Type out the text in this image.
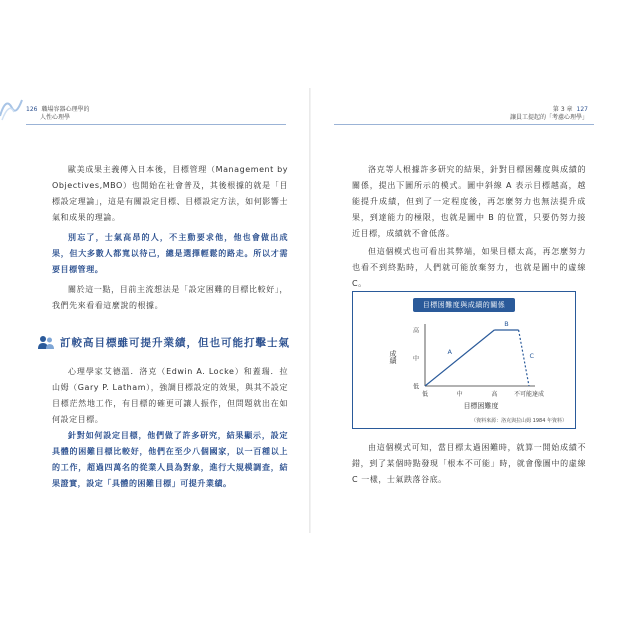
126 職場容器心理學的
人性心理學
第 3 章 127
讓員工提起的「考慮心理學」

歐美成果主義傳入日本後，目標管理（Management by Objectives,MBO）也開始在社會普及，其後根據的就是「目標設定理論」，這是有關設定目標、目標設定方法，如何影響士氣和成果的理論。

別忘了，士氣高昂的人，不主動要求他，他也會做出成果，但大多數人都寬以待己，總是選擇輕鬆的路走。所以才需要目標管理。

關於這一點，目前主流想法是「設定困難的目標比較好」，我們先來看看這麼說的根據。

訂較高目標雖可提升業績，但也可能打擊士氣

心理學家艾德溫．洛克（Edwin A. Locke）和蓋瑞．拉山姆（Gary P. Latham），強調目標設定的效果，與其不設定目標茫然地工作，有目標的確更可讓人振作，但問題就出在如何設定目標。

針對如何設定目標，他們做了許多研究，結果顯示，設定具體的困難目標比較好，他們在至少八個國家，以一百種以上的工作，超過四萬名的從業人員為對象，進行大規模調查，結果證實，設定「具體的困難目標」可提升業績。

洛克等人根據許多研究的結果，針對目標困難度與成績的關係，提出下圖所示的模式。圖中斜線 A 表示目標越高，越能提升成績，但到了一定程度後，再怎麼努力也無法提升成果，到達能力的極限，也就是圖中 B 的位置，只要仍努力接近目標，成績就不會低落。

但這個模式也可看出其弊端，如果目標太高，再怎麼努力也看不到終點時，人們就可能放棄努力，也就是圖中的虛線 C。

目標困難度與成績的關係
低
中
高
低	中	高	不可能達成
成績
目標困難度
A
B
C
（資料來源：洛克與拉山姆 1984 年資料）

由這個模式可知，當目標太過困難時，就算一開始成績不錯，到了某個時點發現「根本不可能」時，就會像圖中的虛線 C 一樣，士氣跌落谷底。
